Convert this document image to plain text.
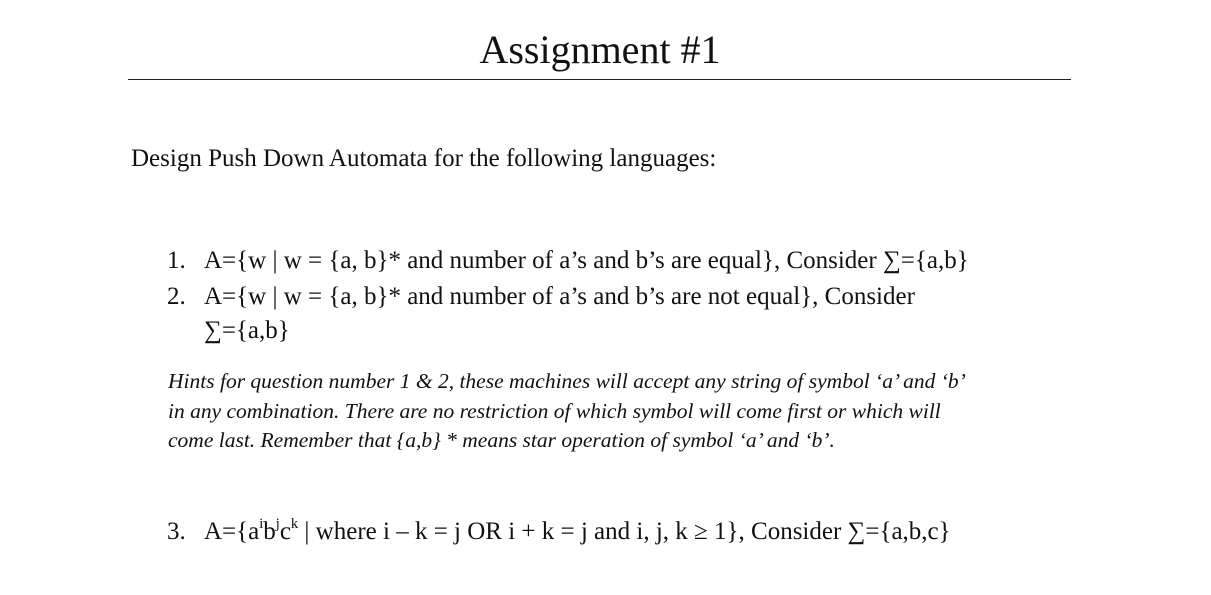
Assignment #1
Design Push Down Automata for the following languages:
1. A={w | w = {a, b}* and number of a’s and b’s are equal}, Consider ∑={a,b}
2. A={w | w = {a, b}* and number of a’s and b’s are not equal}, Consider
∑={a,b}
Hints for question number 1 & 2, these machines will accept any string of symbol ‘a’ and ‘b’
in any combination. There are no restriction of which symbol will come first or which will
come last. Remember that {a,b} * means star operation of symbol ‘a’ and ‘b’.
3. $A=\{a^ib^jc^k$ | where i – k = j OR i + k = j and i, j, k ≥ 1}, Consider ∑={a,b,c}
